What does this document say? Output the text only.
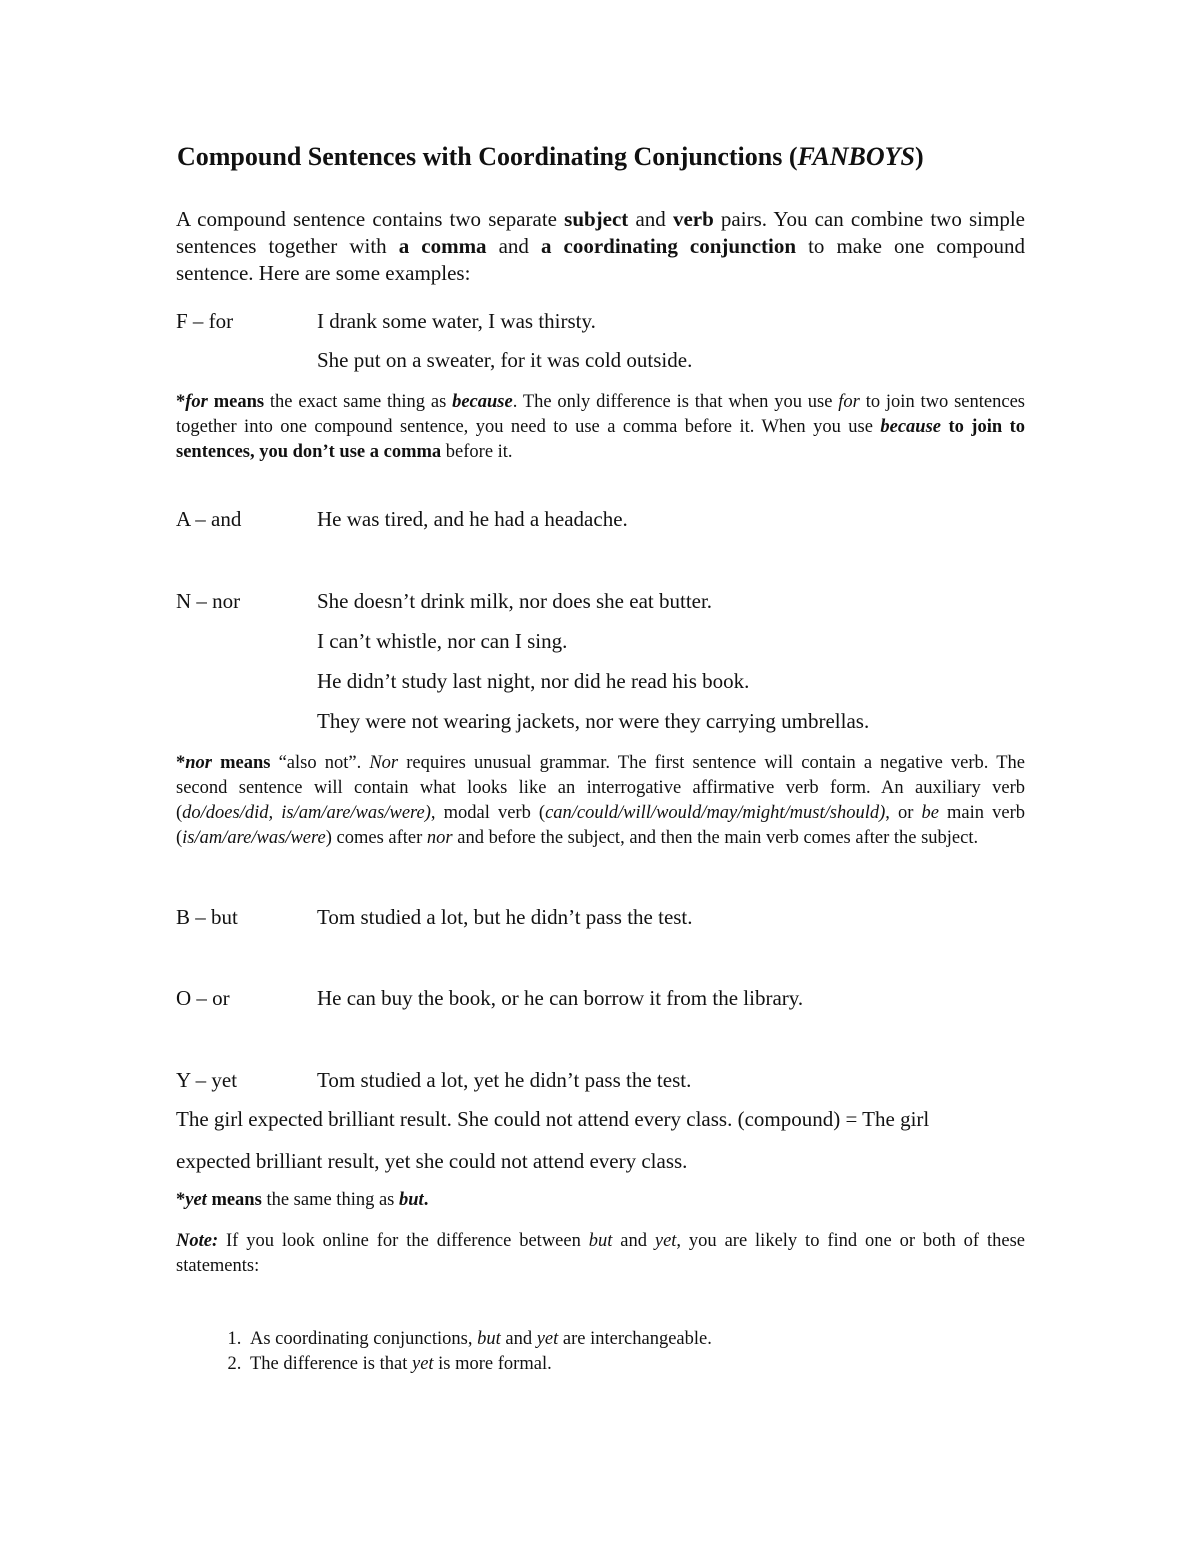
Compound Sentences with Coordinating Conjunctions (FANBOYS)
A compound sentence contains two separate subject and verb pairs. You can combine two simple sentences together with a comma and a coordinating conjunction to make one compound sentence. Here are some examples:
F – for	I drank some water, I was thirsty.
She put on a sweater, for it was cold outside.
*for means the exact same thing as because. The only difference is that when you use for to join two sentences together into one compound sentence, you need to use a comma before it. When you use because to join to sentences, you don’t use a comma before it.
A – and	He was tired, and he had a headache.
N – nor	She doesn’t drink milk, nor does she eat butter.
I can’t whistle, nor can I sing.
He didn’t study last night, nor did he read his book.
They were not wearing jackets, nor were they carrying umbrellas.
*nor means “also not”. Nor requires unusual grammar. The first sentence will contain a negative verb. The second sentence will contain what looks like an interrogative affirmative verb form. An auxiliary verb (do/does/did, is/am/are/was/were), modal verb (can/could/will/would/may/might/must/should), or be main verb (is/am/are/was/were) comes after nor and before the subject, and then the main verb comes after the subject.
B – but	Tom studied a lot, but he didn’t pass the test.
O – or	He can buy the book, or he can borrow it from the library.
Y – yet	Tom studied a lot, yet he didn’t pass the test.
The girl expected brilliant result. She could not attend every class. (compound) = The girl
expected brilliant result, yet she could not attend every class.
*yet means the same thing as but.
Note: If you look online for the difference between but and yet, you are likely to find one or both of these statements:
1. As coordinating conjunctions, but and yet are interchangeable.
2. The difference is that yet is more formal.
